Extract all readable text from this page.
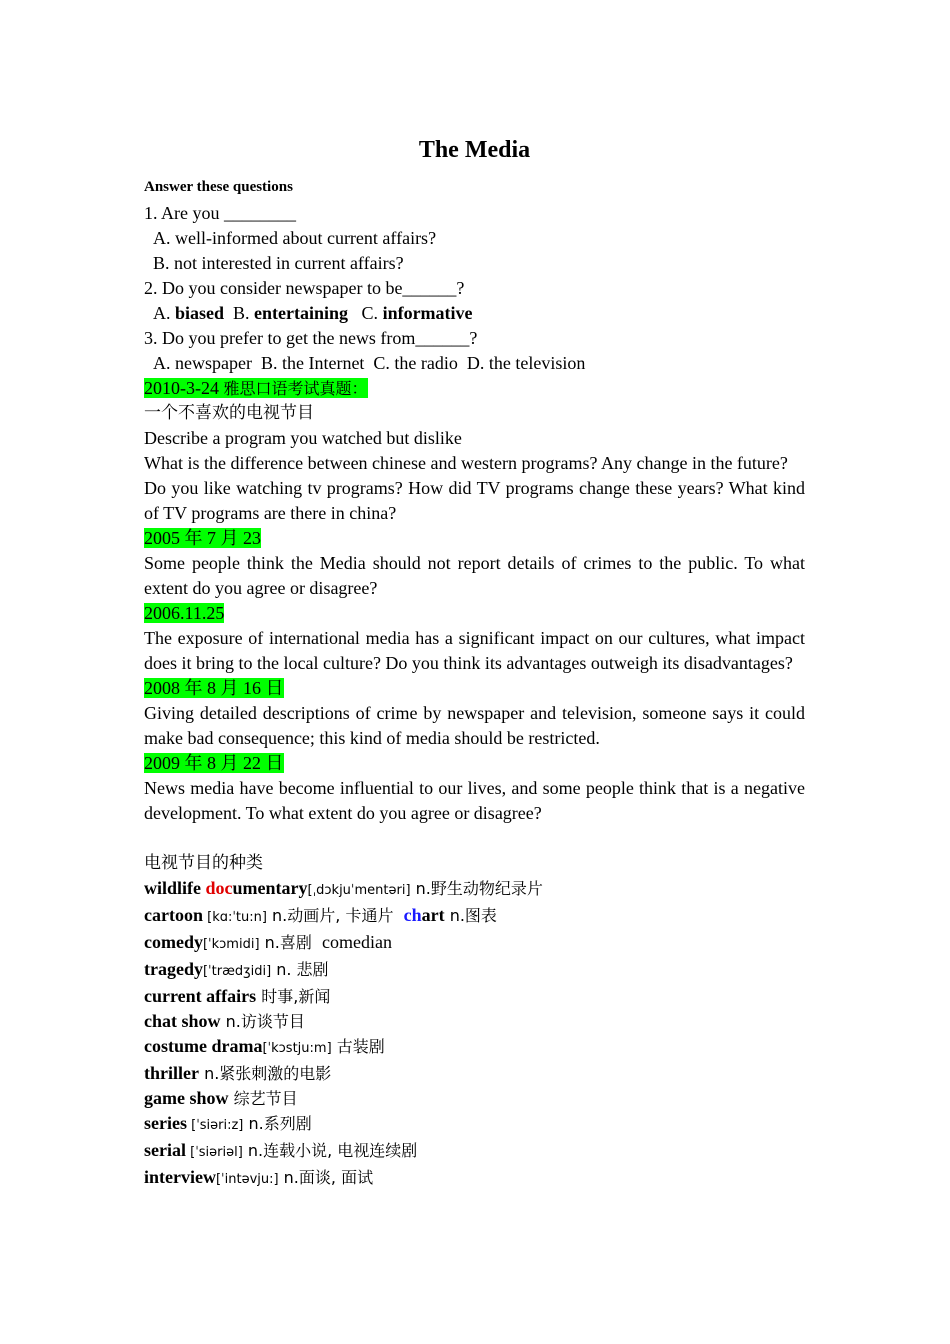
The Media
Answer these questions

1. Are you ________

A. well-informed about current affairs?

B. not interested in current affairs?

2. Do you consider newspaper to be______?

A. biased B. entertaining C. informative

3. Do you prefer to get the news from______?

A. newspaper  B. the Internet  C. the radio  D. the television

2010-3-24 雅思口语考试真题：

一个不喜欢的电视节目

Describe a program you watched but dislike

What is the difference between chinese and western programs? Any change in the future?

Do you like watching tv programs? How did TV programs change these years? What kind of TV programs are there in china?

2005 年 7 月 23

Some people think the Media should not report details of crimes to the public. To what extent do you agree or disagree?

2006.11.25

The exposure of international media has a significant impact on our cultures, what impact does it bring to the local culture? Do you think its advantages outweigh its disadvantages?

2008 年 8 月 16 日

Giving detailed descriptions of crime by newspaper and television, someone says it could make bad consequence; this kind of media should be restricted.

2009 年 8 月 22 日

News media have become influential to our lives, and some people think that is a negative development. To what extent do you agree or disagree?

电视节目的种类

wildlife documentary[ˌdɔkjuˈmentəri] n.野生动物纪录片

cartoon [kɑ:ˈtu:n] n.动画片, 卡通片  chart n.图表

comedy[ˈkɔmidi] n.喜剧  comedian

tragedy[ˈtrædʒidi] n. 悲剧

current affairs 时事,新闻

chat show n.访谈节目

costume drama[ˈkɔstju:m] 古装剧

thriller n.紧张刺激的电影

game show 综艺节目

series [ˈsiəri:z] n.系列剧

serial [ˈsiəriəl] n.连载小说, 电视连续剧

interview[ˈintəvju:] n.面谈, 面试
